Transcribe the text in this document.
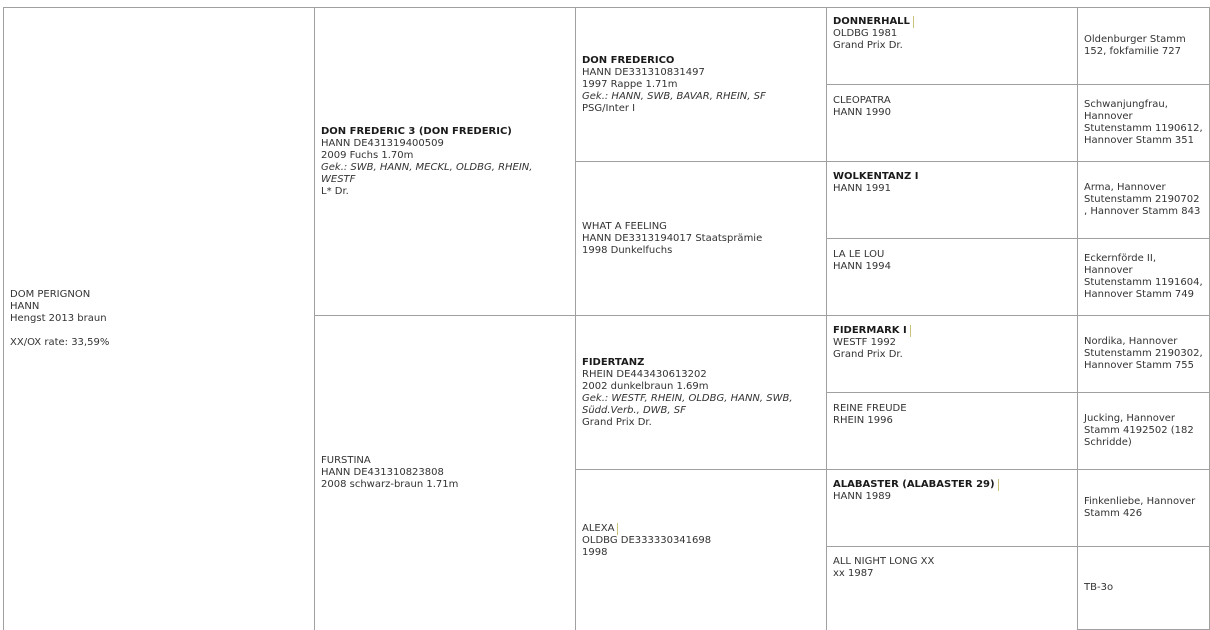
DOM PERIGNON
HANN
Hengst 2013 braun
XX/OX rate: 33,59%
DON FREDERIC 3 (DON FREDERIC)
HANN DE431319400509
2009 Fuchs 1.70m
Gek.: SWB, HANN, MECKL, OLDBG, RHEIN, WESTF
L* Dr.
FURSTINA
HANN DE431310823808
2008 schwarz-braun 1.71m
DON FREDERICO
HANN DE331310831497
1997 Rappe 1.71m
Gek.: HANN, SWB, BAVAR, RHEIN, SF
PSG/Inter I
WHAT A FEELING
HANN DE3313194017 Staatsprämie
1998 Dunkelfuchs
FIDERTANZ
RHEIN DE443430613202
2002 dunkelbraun 1.69m
Gek.: WESTF, RHEIN, OLDBG, HANN, SWB, Südd.Verb., DWB, SF
Grand Prix Dr.
ALEXA
OLDBG DE333330341698
1998
DONNERHALL
OLDBG 1981
Grand Prix Dr.
CLEOPATRA
HANN 1990
WOLKENTANZ I
HANN 1991
LA LE LOU
HANN 1994
FIDERMARK I
WESTF 1992
Grand Prix Dr.
REINE FREUDE
RHEIN 1996
ALABASTER (ALABASTER 29)
HANN 1989
ALL NIGHT LONG XX
xx 1987
Oldenburger Stamm 152, fokfamilie 727
Schwanjungfrau, Hannover Stutenstamm 1190612, Hannover Stamm 351
Arma, Hannover Stutenstamm 2190702 , Hannover Stamm 843
Eckernförde II, Hannover Stutenstamm 1191604, Hannover Stamm 749
Nordika, Hannover Stutenstamm 2190302, Hannover Stamm 755
Jucking, Hannover Stamm 4192502 (182 Schridde)
Finkenliebe, Hannover Stamm 426
TB-3o
